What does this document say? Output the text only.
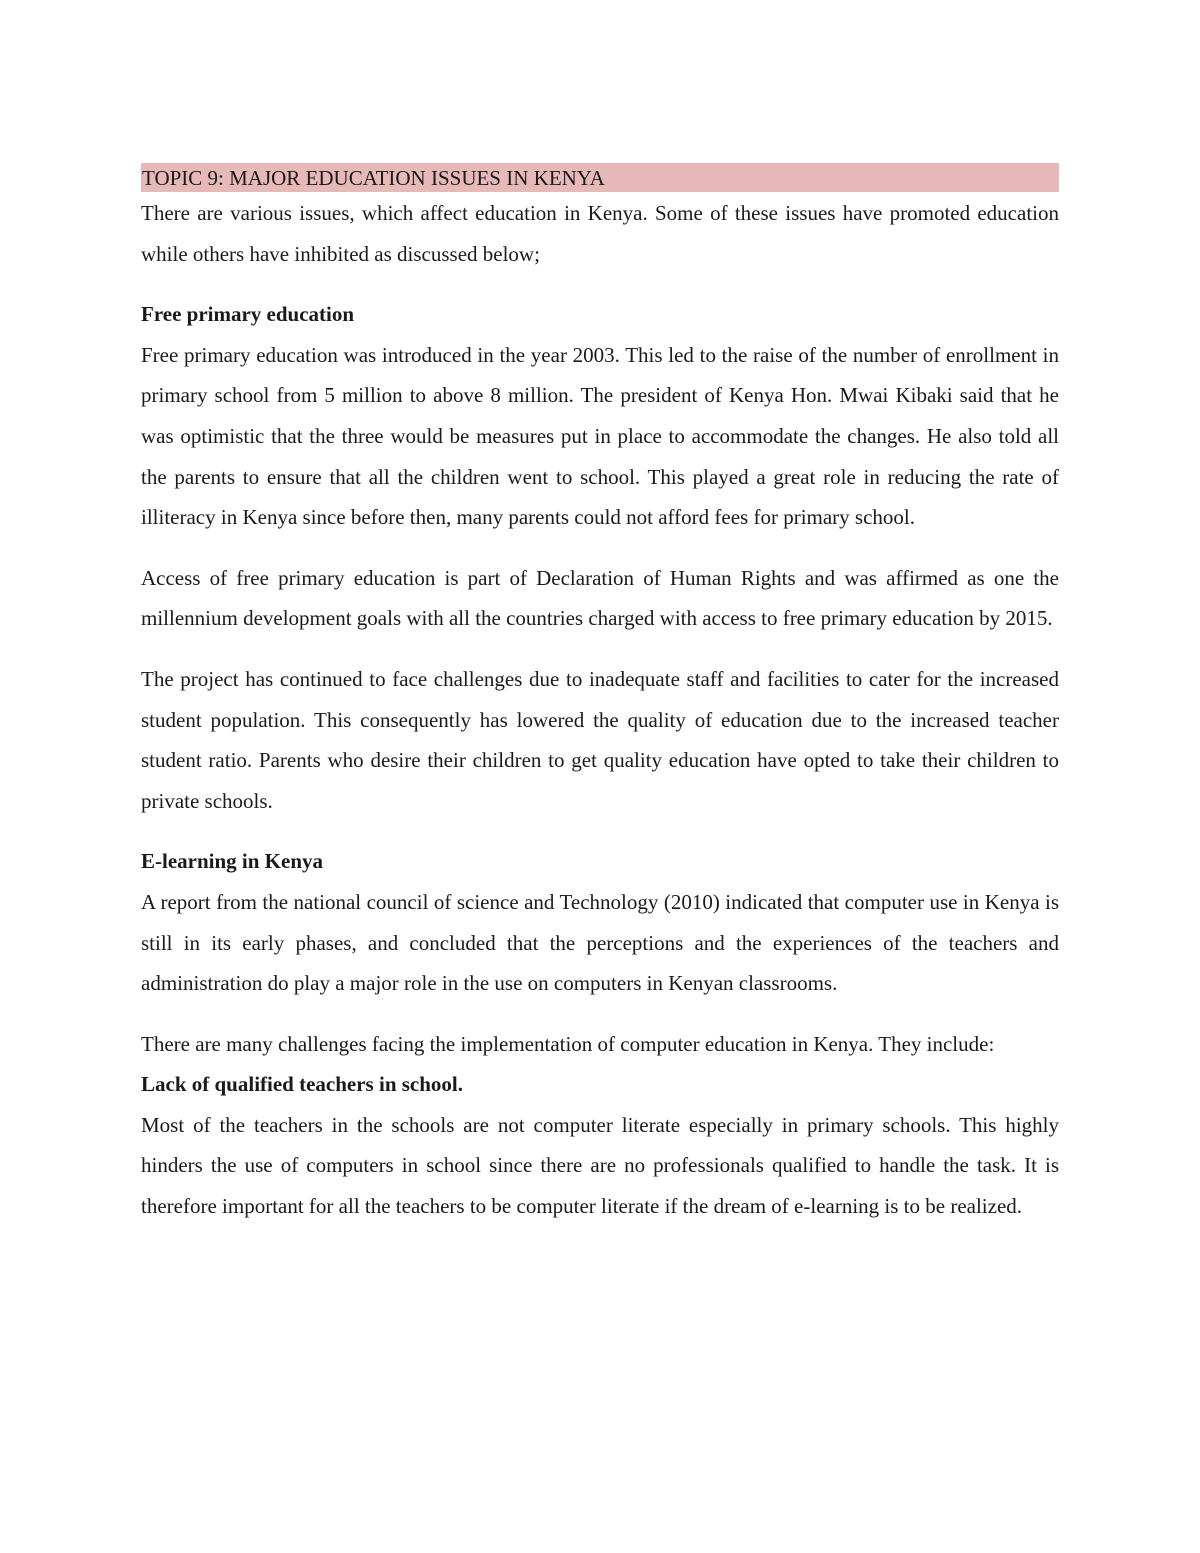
TOPIC 9: MAJOR EDUCATION ISSUES IN KENYA

There are various issues, which affect education in Kenya. Some of these issues have promoted education while others have inhibited as discussed below;

Free primary education

Free primary education was introduced in the year 2003. This led to the raise of the number of enrollment in primary school from 5 million to above 8 million. The president of Kenya Hon. Mwai Kibaki said that he was optimistic that the three would be measures put in place to accommodate the changes. He also told all the parents to ensure that all the children went to school. This played a great role in reducing the rate of illiteracy in Kenya since before then, many parents could not afford fees for primary school.

Access of free primary education is part of Declaration of Human Rights and was affirmed as one the millennium development goals with all the countries charged with access to free primary education by 2015.

The project has continued to face challenges due to inadequate staff and facilities to cater for the increased student population. This consequently has lowered the quality of education due to the increased teacher student ratio. Parents who desire their children to get quality education have opted to take their children to private schools.

E-learning in Kenya

A report from the national council of science and Technology (2010) indicated that computer use in Kenya is still in its early phases, and concluded that the perceptions and the experiences of the teachers and administration do play a major role in the use on computers in Kenyan classrooms.

There are many challenges facing the implementation of computer education in Kenya. They include:

Lack of qualified teachers in school.

Most of the teachers in the schools are not computer literate especially in primary schools. This highly hinders the use of computers in school since there are no professionals qualified to handle the task. It is therefore important for all the teachers to be computer literate if the dream of e-learning is to be realized.
